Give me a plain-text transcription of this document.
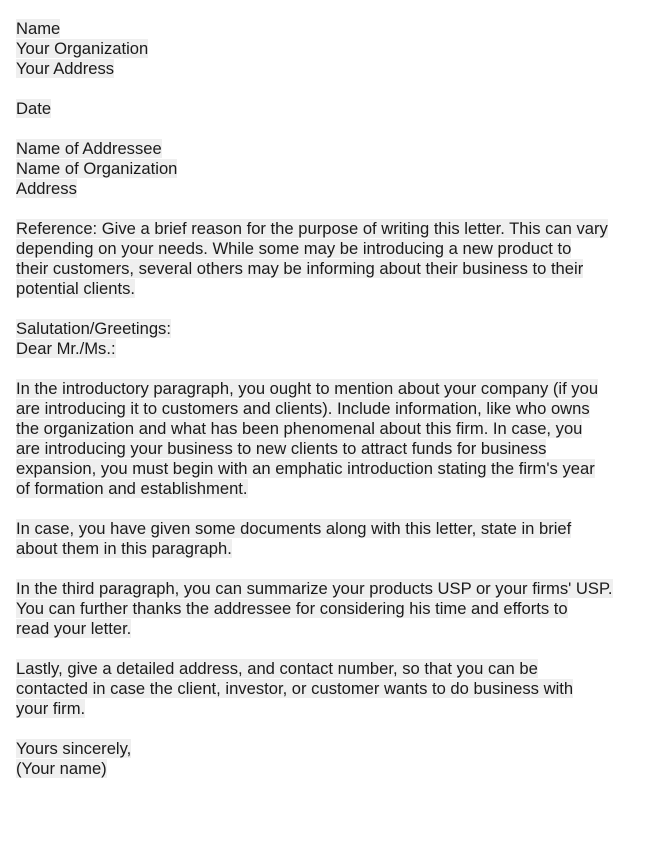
Name
Your Organization
Your Address
Date
Name of Addressee
Name of Organization
Address
Reference: Give a brief reason for the purpose of writing this letter. This can vary
depending on your needs. While some may be introducing a new product to
their customers, several others may be informing about their business to their
potential clients.
Salutation/Greetings:
Dear Mr./Ms.:
In the introductory paragraph, you ought to mention about your company (if you
are introducing it to customers and clients). Include information, like who owns
the organization and what has been phenomenal about this firm. In case, you
are introducing your business to new clients to attract funds for business
expansion, you must begin with an emphatic introduction stating the firm's year
of formation and establishment.
In case, you have given some documents along with this letter, state in brief
about them in this paragraph.
In the third paragraph, you can summarize your products USP or your firms' USP.
You can further thanks the addressee for considering his time and efforts to
read your letter.
Lastly, give a detailed address, and contact number, so that you can be
contacted in case the client, investor, or customer wants to do business with
your firm.
Yours sincerely,
(Your name)
